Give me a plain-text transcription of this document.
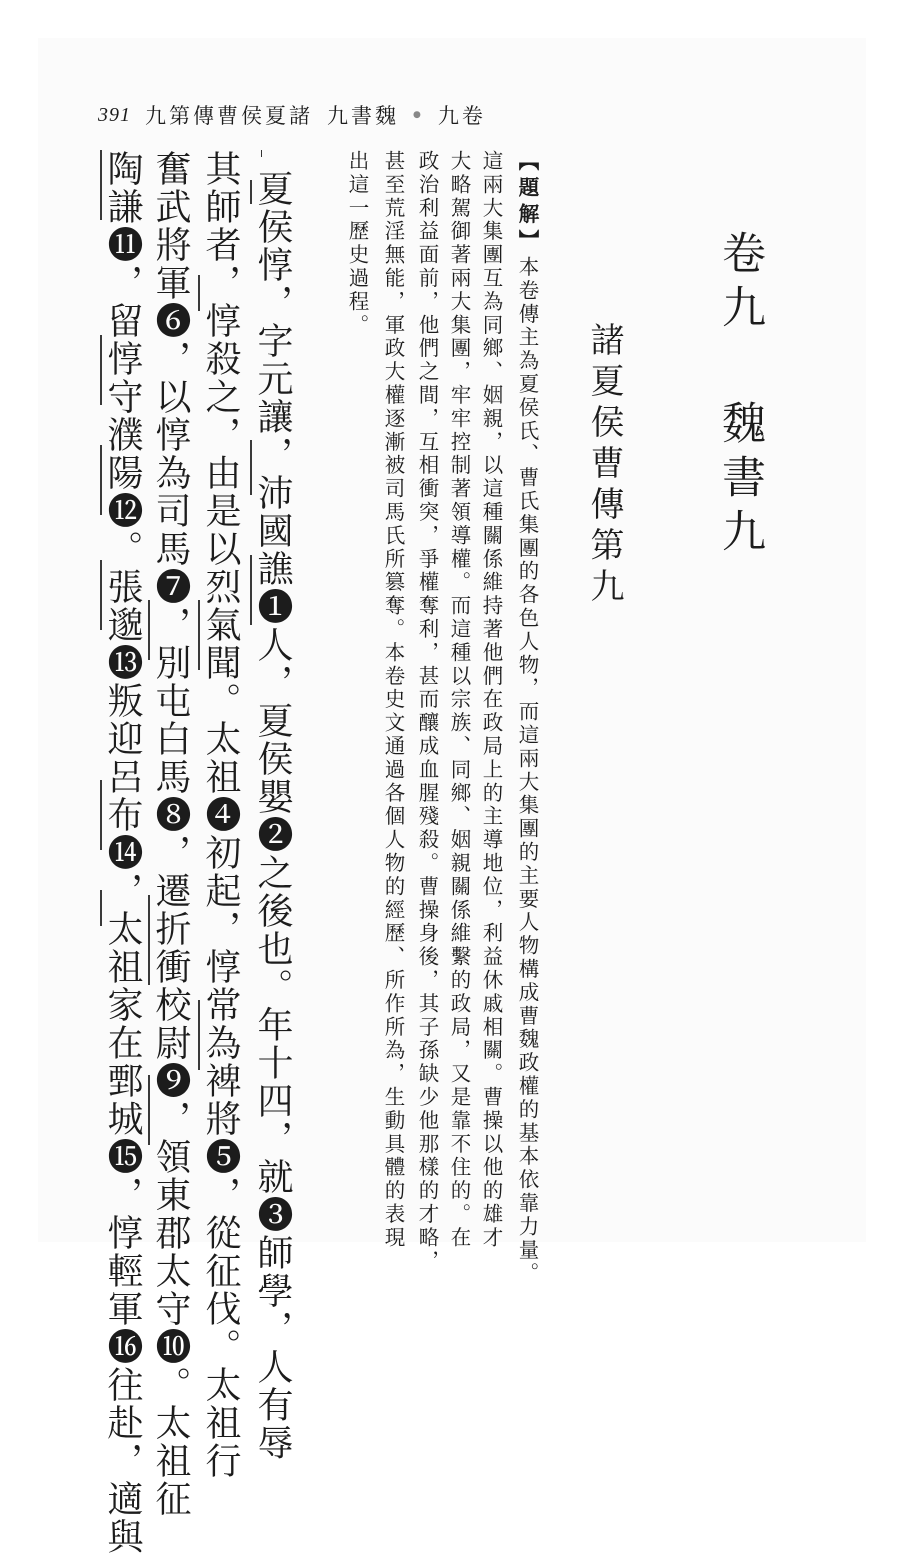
391 九第傳曹侯夏諸 九書魏 ● 九卷
卷九魏書九
諸夏侯曹傳第九
【題解】本卷傳主為夏侯氏、曹氏集團的各色人物，而這兩大集團的主要人物構成曹魏政權的基本依靠力量。
這兩大集團互為同鄉、姻親，以這種關係維持著他們在政局上的主導地位，利益休戚相關。曹操以他的雄才
大略駕御著兩大集團，牢牢控制著領導權。而這種以宗族、同鄉、姻親關係維繫的政局，又是靠不住的。在
政治利益面前，他們之間，互相衝突，爭權奪利，甚而釀成血腥殘殺。曹操身後，其子孫缺少他那樣的才略，
甚至荒淫無能，軍政大權逐漸被司馬氏所篡奪。本卷史文通過各個人物的經歷、所作所為，生動具體的表現
出這一歷史過程。
夏侯惇，字元讓，沛國譙❶人，夏侯嬰❷之後也。年十四，就❸師學，人有辱
其師者，惇殺之，由是以烈氣聞。太祖❹初起，惇常為裨將❺，從征伐。太祖行
奮武將軍❻，以惇為司馬❼，別屯白馬❽，遷折衝校尉❾，領東郡太守❿。太祖征
陶謙⓫，留惇守濮陽⓬。張邈⓭叛迎呂布⓮，太祖家在鄄城⓯，惇輕軍⓰往赴，適與
